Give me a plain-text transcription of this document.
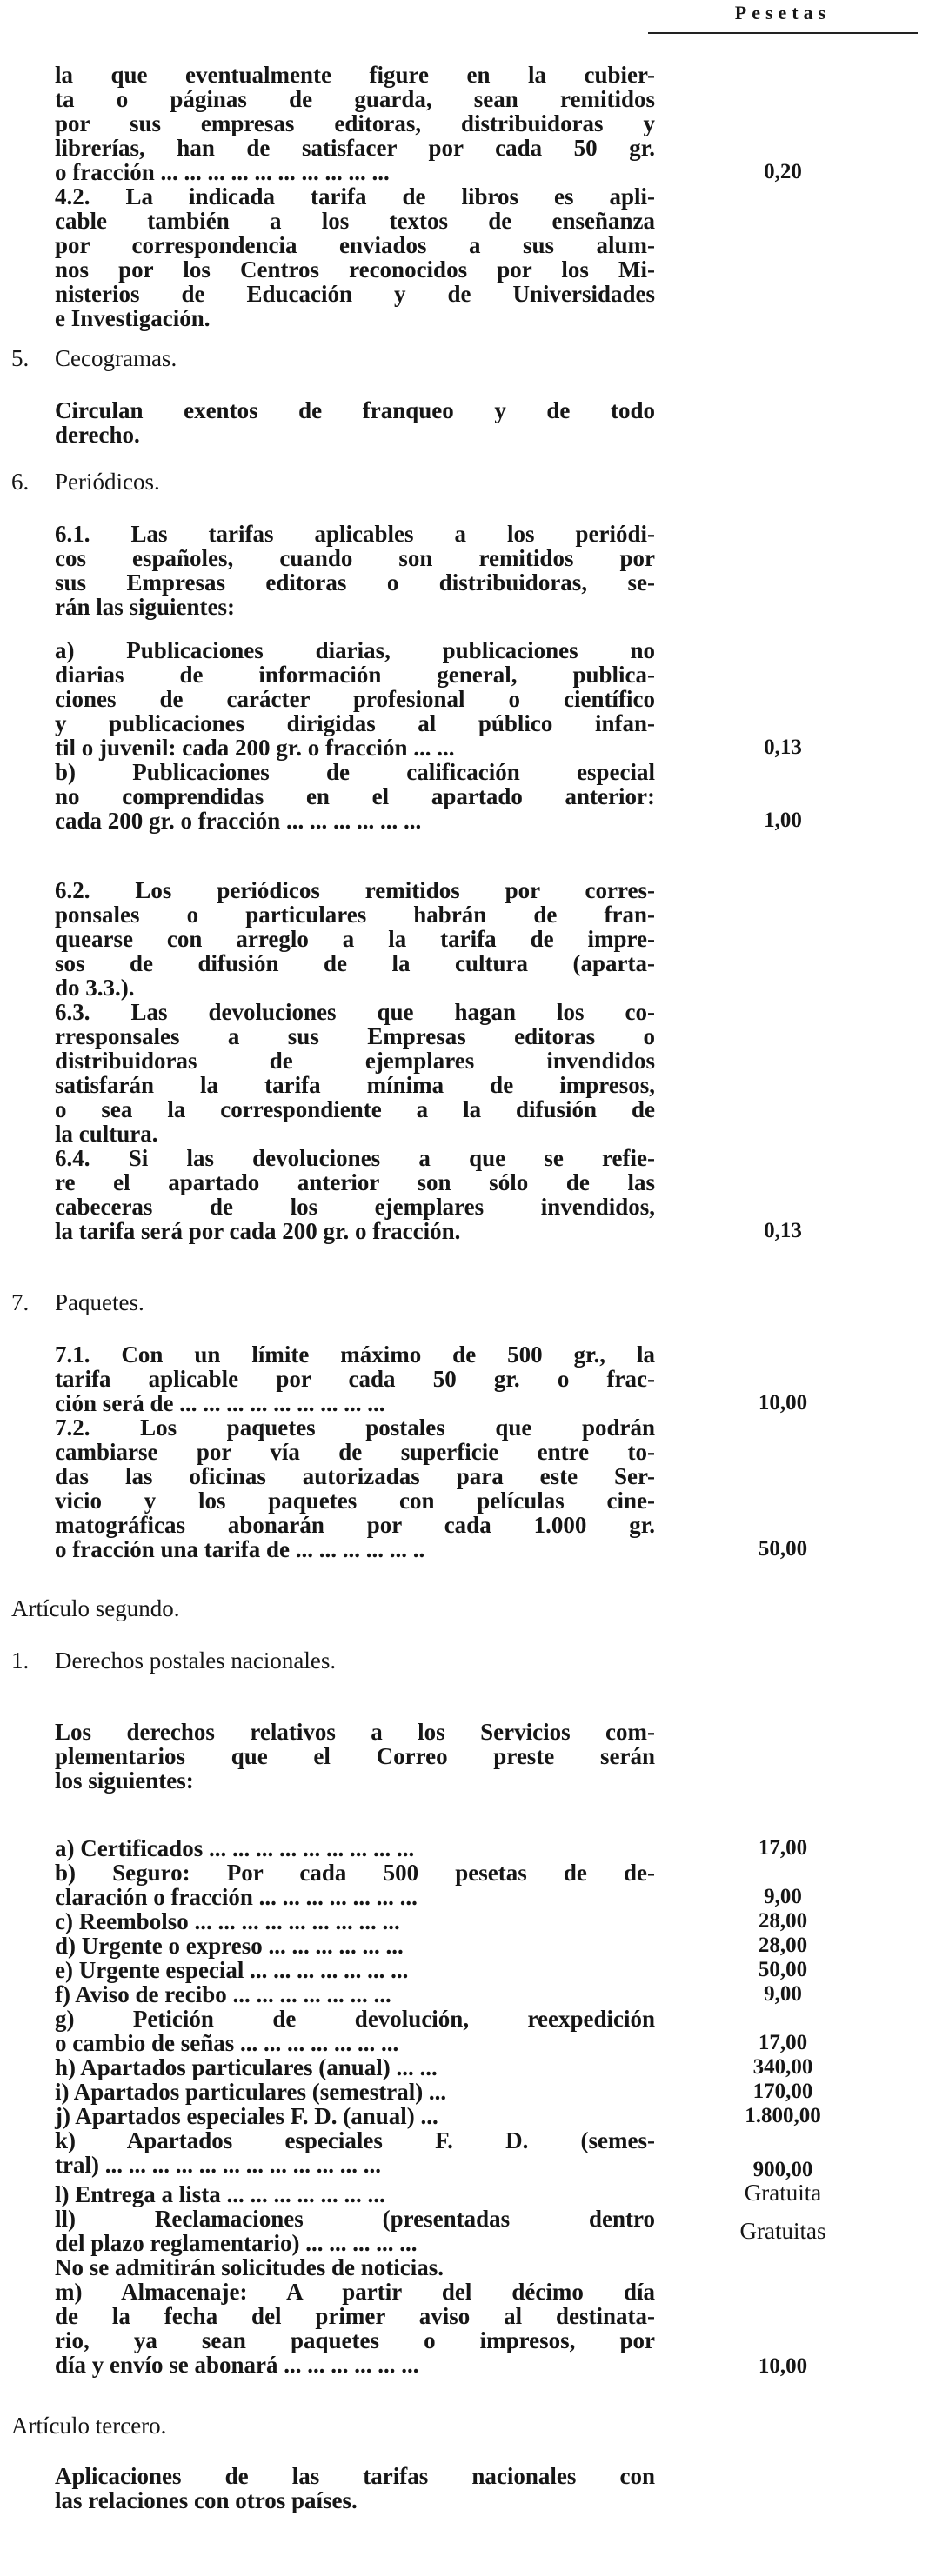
Pesetas
la que eventualmente figure en la cubier-
ta o páginas de guarda, sean remitidos
por sus empresas editoras, distribuidoras y
librerías, han de satisfacer por cada 50 gr.
o fracción ... ... ... ... ... ... ... ... ... ...	0,20
4.2. La indicada tarifa de libros es apli-
cable también a los textos de enseñanza
por correspondencia enviados a sus alum-
nos por los Centros reconocidos por los Mi-
nisterios de Educación y de Universidades
e Investigación.
5. Cecogramas.
Circulan exentos de franqueo y de todo
derecho.
6. Periódicos.
6.1. Las tarifas aplicables a los periódi-
cos españoles, cuando son remitidos por
sus Empresas editoras o distribuidoras, se-
rán las siguientes:
a) Publicaciones diarias, publicaciones no
diarias de información general, publica-
ciones de carácter profesional o científico
y publicaciones dirigidas al público infan-
til o juvenil: cada 200 gr. o fracción ... ...	0,13
b) Publicaciones de calificación especial
no comprendidas en el apartado anterior:
cada 200 gr. o fracción ... ... ... ... ... ...	1,00
6.2. Los periódicos remitidos por corres-
ponsales o particulares habrán de fran-
quearse con arreglo a la tarifa de impre-
sos de difusión de la cultura (aparta-
do 3.3.).
6.3. Las devoluciones que hagan los co-
rresponsales a sus Empresas editoras o
distribuidoras de ejemplares invendidos
satisfarán la tarifa mínima de impresos,
o sea la correspondiente a la difusión de
la cultura.
6.4. Si las devoluciones a que se refie-
re el apartado anterior son sólo de las
cabeceras de los ejemplares invendidos,
la tarifa será por cada 200 gr. o fracción.	0,13
7. Paquetes.
7.1. Con un límite máximo de 500 gr., la
tarifa aplicable por cada 50 gr. o frac-
ción será de ... ... ... ... ... ... ... ... ...	10,00
7.2. Los paquetes postales que podrán
cambiarse por vía de superficie entre to-
das las oficinas autorizadas para este Ser-
vicio y los paquetes con películas cine-
matográficas abonarán por cada 1.000 gr.
o fracción una tarifa de ... ... ... ... ... ..	50,00
Artículo segundo.
1. Derechos postales nacionales.
Los derechos relativos a los Servicios com-
plementarios que el Correo preste serán
los siguientes:
a) Certificados ... ... ... ... ... ... ... ... ...	17,00
b) Seguro: Por cada 500 pesetas de de-
claración o fracción ... ... ... ... ... ... ...	9,00
c) Reembolso ... ... ... ... ... ... ... ... ...	28,00
d) Urgente o expreso ... ... ... ... ... ...	28,00
e) Urgente especial ... ... ... ... ... ... ...	50,00
f) Aviso de recibo ... ... ... ... ... ... ...	9,00
g) Petición de devolución, reexpedición
o cambio de señas ... ... ... ... ... ... ...	17,00
h) Apartados particulares (anual) ... ...	340,00
i) Apartados particulares (semestral) ...	170,00
j) Apartados especiales F. D. (anual) ...	1.800,00
k) Apartados especiales F. D. (semes-
tral) ... ... ... ... ... ... ... ... ... ... ... ...	900,00
l) Entrega a lista ... ... ... ... ... ... ...	Gratuita
ll) Reclamaciones (presentadas dentro
del plazo reglamentario) ... ... ... ... ...	Gratuitas
No se admitirán solicitudes de noticias.
m) Almacenaje: A partir del décimo día
de la fecha del primer aviso al destinata-
rio, ya sean paquetes o impresos, por
día y envío se abonará ... ... ... ... ... ...	10,00
Artículo tercero.
Aplicaciones de las tarifas nacionales con
las relaciones con otros países.
